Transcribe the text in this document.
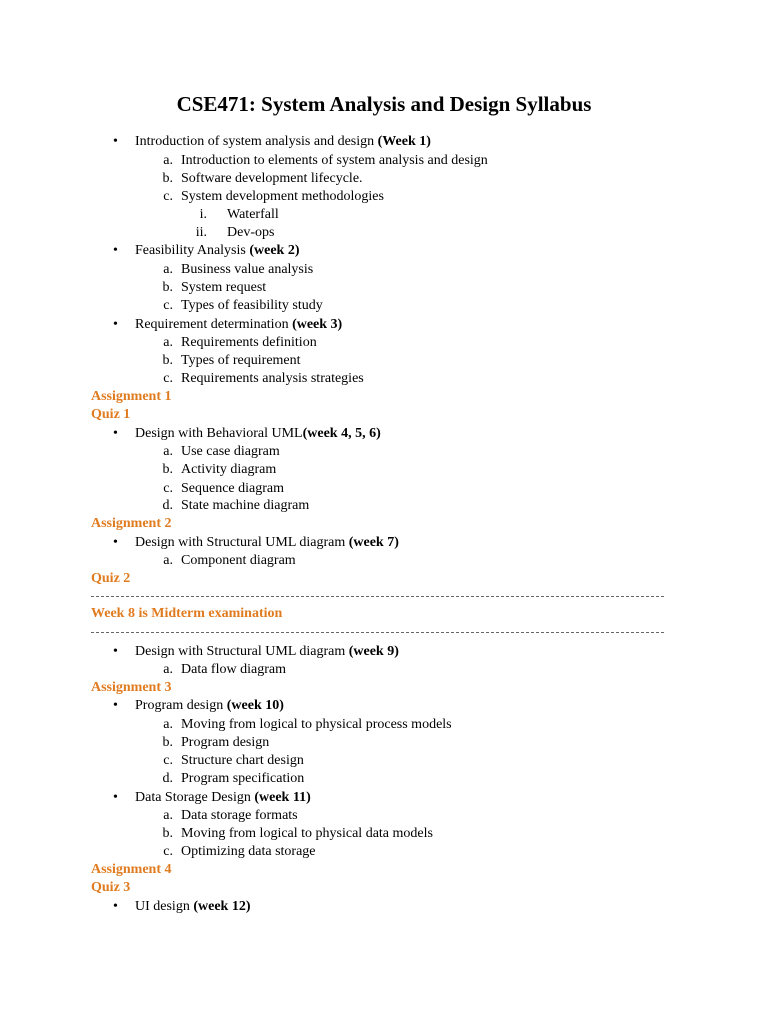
CSE471: System Analysis and Design Syllabus
• Introduction of system analysis and design (Week 1)
a. Introduction to elements of system analysis and design
b. Software development lifecycle.
c. System development methodologies
i. Waterfall
ii. Dev-ops
• Feasibility Analysis (week 2)
a. Business value analysis
b. System request
c. Types of feasibility study
• Requirement determination (week 3)
a. Requirements definition
b. Types of requirement
c. Requirements analysis strategies
Assignment 1
Quiz 1
• Design with Behavioral UML(week 4, 5, 6)
a. Use case diagram
b. Activity diagram
c. Sequence diagram
d. State machine diagram
Assignment 2
• Design with Structural UML diagram (week 7)
a. Component diagram
Quiz 2
Week 8 is Midterm examination
• Design with Structural UML diagram (week 9)
a. Data flow diagram
Assignment 3
• Program design (week 10)
a. Moving from logical to physical process models
b. Program design
c. Structure chart design
d. Program specification
• Data Storage Design (week 11)
a. Data storage formats
b. Moving from logical to physical data models
c. Optimizing data storage
Assignment 4
Quiz 3
• UI design (week 12)
